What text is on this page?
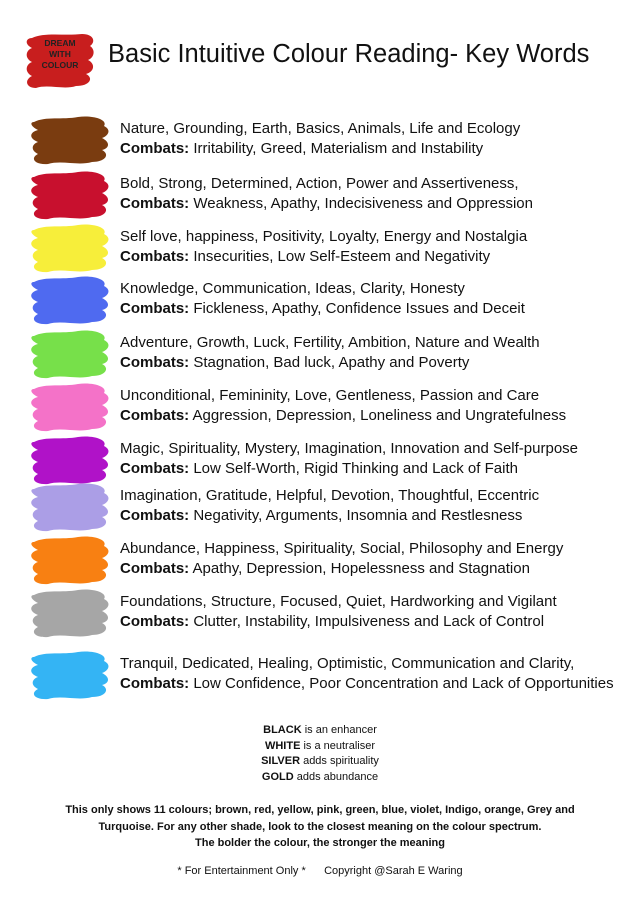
DREAM
WITH
COLOUR	Basic Intuitive Colour Reading- Key Words
Nature, Grounding, Earth, Basics, Animals, Life and Ecology
Combats: Irritability, Greed, Materialism and Instability
Bold, Strong, Determined, Action, Power and Assertiveness,
Combats: Weakness, Apathy, Indecisiveness and Oppression
Self love, happiness, Positivity, Loyalty, Energy and Nostalgia
Combats: Insecurities, Low Self-Esteem and Negativity
Knowledge, Communication, Ideas, Clarity, Honesty
Combats: Fickleness, Apathy, Confidence Issues and Deceit
Adventure, Growth, Luck, Fertility, Ambition, Nature and Wealth
Combats: Stagnation, Bad luck, Apathy and Poverty
Unconditional, Femininity, Love, Gentleness, Passion and Care
Combats: Aggression, Depression, Loneliness and Ungratefulness
Magic, Spirituality, Mystery, Imagination, Innovation and Self-purpose
Combats: Low Self-Worth, Rigid Thinking and Lack of Faith
Imagination, Gratitude, Helpful, Devotion, Thoughtful, Eccentric
Combats: Negativity, Arguments, Insomnia and Restlesness
Abundance, Happiness, Spirituality, Social, Philosophy and Energy
Combats: Apathy, Depression, Hopelessness and Stagnation
Foundations, Structure, Focused, Quiet, Hardworking and Vigilant
Combats: Clutter, Instability, Impulsiveness and Lack of Control
Tranquil, Dedicated, Healing, Optimistic, Communication and Clarity,
Combats: Low Confidence, Poor Concentration and Lack of Opportunities
BLACK is an enhancer
WHITE is a neutraliser
SILVER adds spirituality
GOLD adds abundance
This only shows 11 colours; brown, red, yellow, pink, green, blue, violet, Indigo, orange, Grey and
Turquoise. For any other shade, look to the closest meaning on the colour spectrum.
The bolder the colour, the stronger the meaning
* For Entertainment Only *      Copyright @Sarah E Waring
